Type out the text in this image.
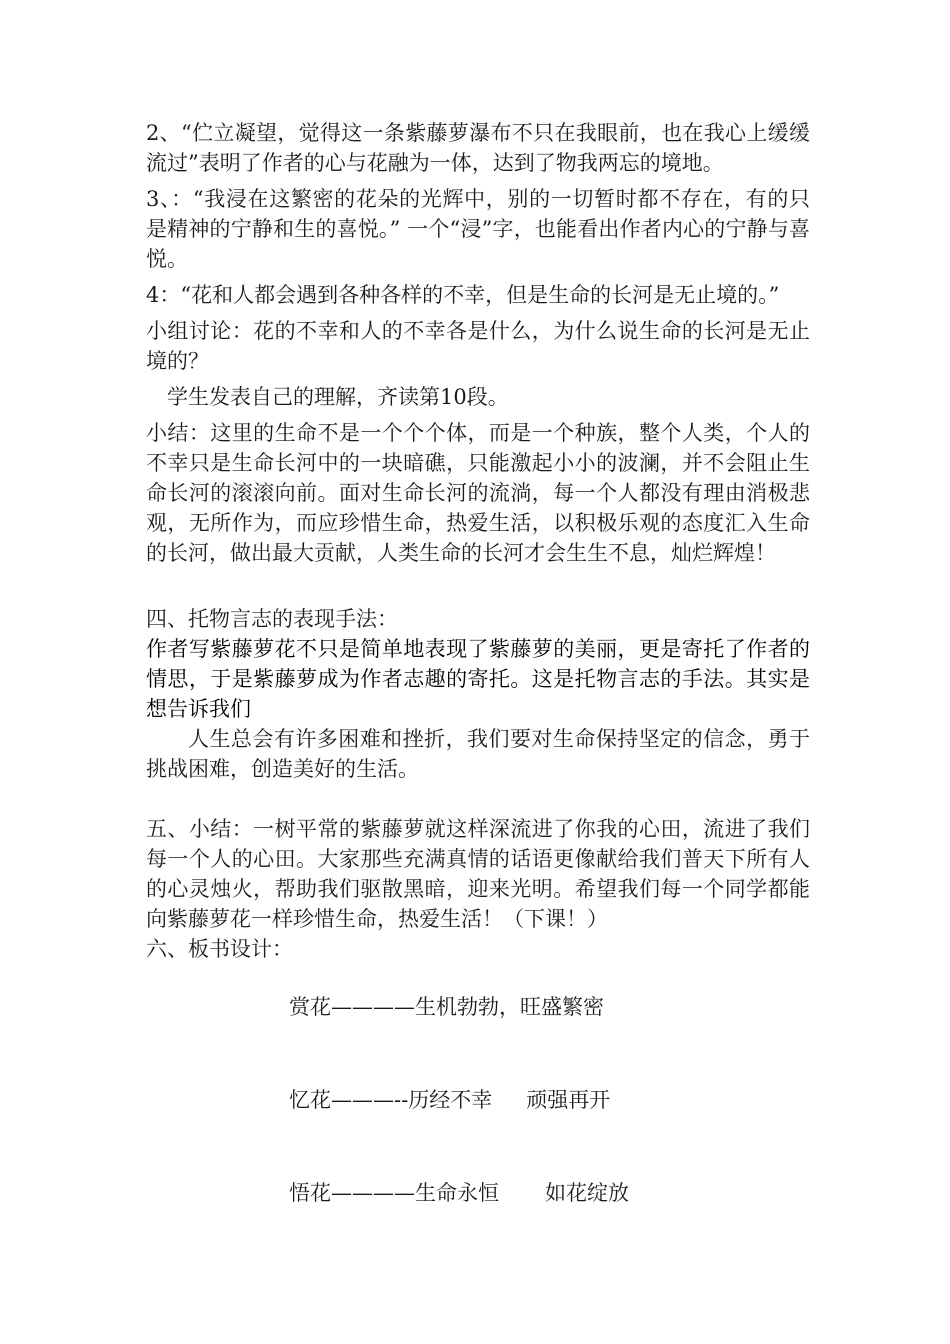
2、“伫立凝望，觉得这一条紫藤萝瀑布不只在我眼前，也在我心上缓缓流过”表明了作者的心与花融为一体，达到了物我两忘的境地。

3、：“我浸在这繁密的花朵的光辉中，别的一切暂时都不存在，有的只是精神的宁静和生的喜悦。” 一个“浸”字，也能看出作者内心的宁静与喜悦。

4：“花和人都会遇到各种各样的不幸，但是生命的长河是无止境的。”

小组讨论：花的不幸和人的不幸各是什么，为什么说生命的长河是无止境的？

学生发表自己的理解，齐读第10段。

小结：这里的生命不是一个个个体，而是一个种族，整个人类，个人的不幸只是生命长河中的一块暗礁，只能激起小小的波澜，并不会阻止生命长河的滚滚向前。面对生命长河的流淌，每一个人都没有理由消极悲观，无所作为，而应珍惜生命，热爱生活，以积极乐观的态度汇入生命的长河，做出最大贡献，人类生命的长河才会生生不息，灿烂辉煌！

四、托物言志的表现手法：

作者写紫藤萝花不只是简单地表现了紫藤萝的美丽，更是寄托了作者的情思，于是紫藤萝成为作者志趣的寄托。这是托物言志的手法。其实是想告诉我们

人生总会有许多困难和挫折，我们要对生命保持坚定的信念，勇于挑战困难，创造美好的生活。

五、小结：一树平常的紫藤萝就这样深流进了你我的心田，流进了我们每一个人的心田。大家那些充满真情的话语更像献给我们普天下所有人的心灵烛火，帮助我们驱散黑暗，迎来光明。希望我们每一个同学都能向紫藤萝花一样珍惜生命，热爱生活！（下课！）

六、板书设计：

赏花————生机勃勃，旺盛繁密

忆花———--历经不幸 顽强再开

悟花————生命永恒 如花绽放
